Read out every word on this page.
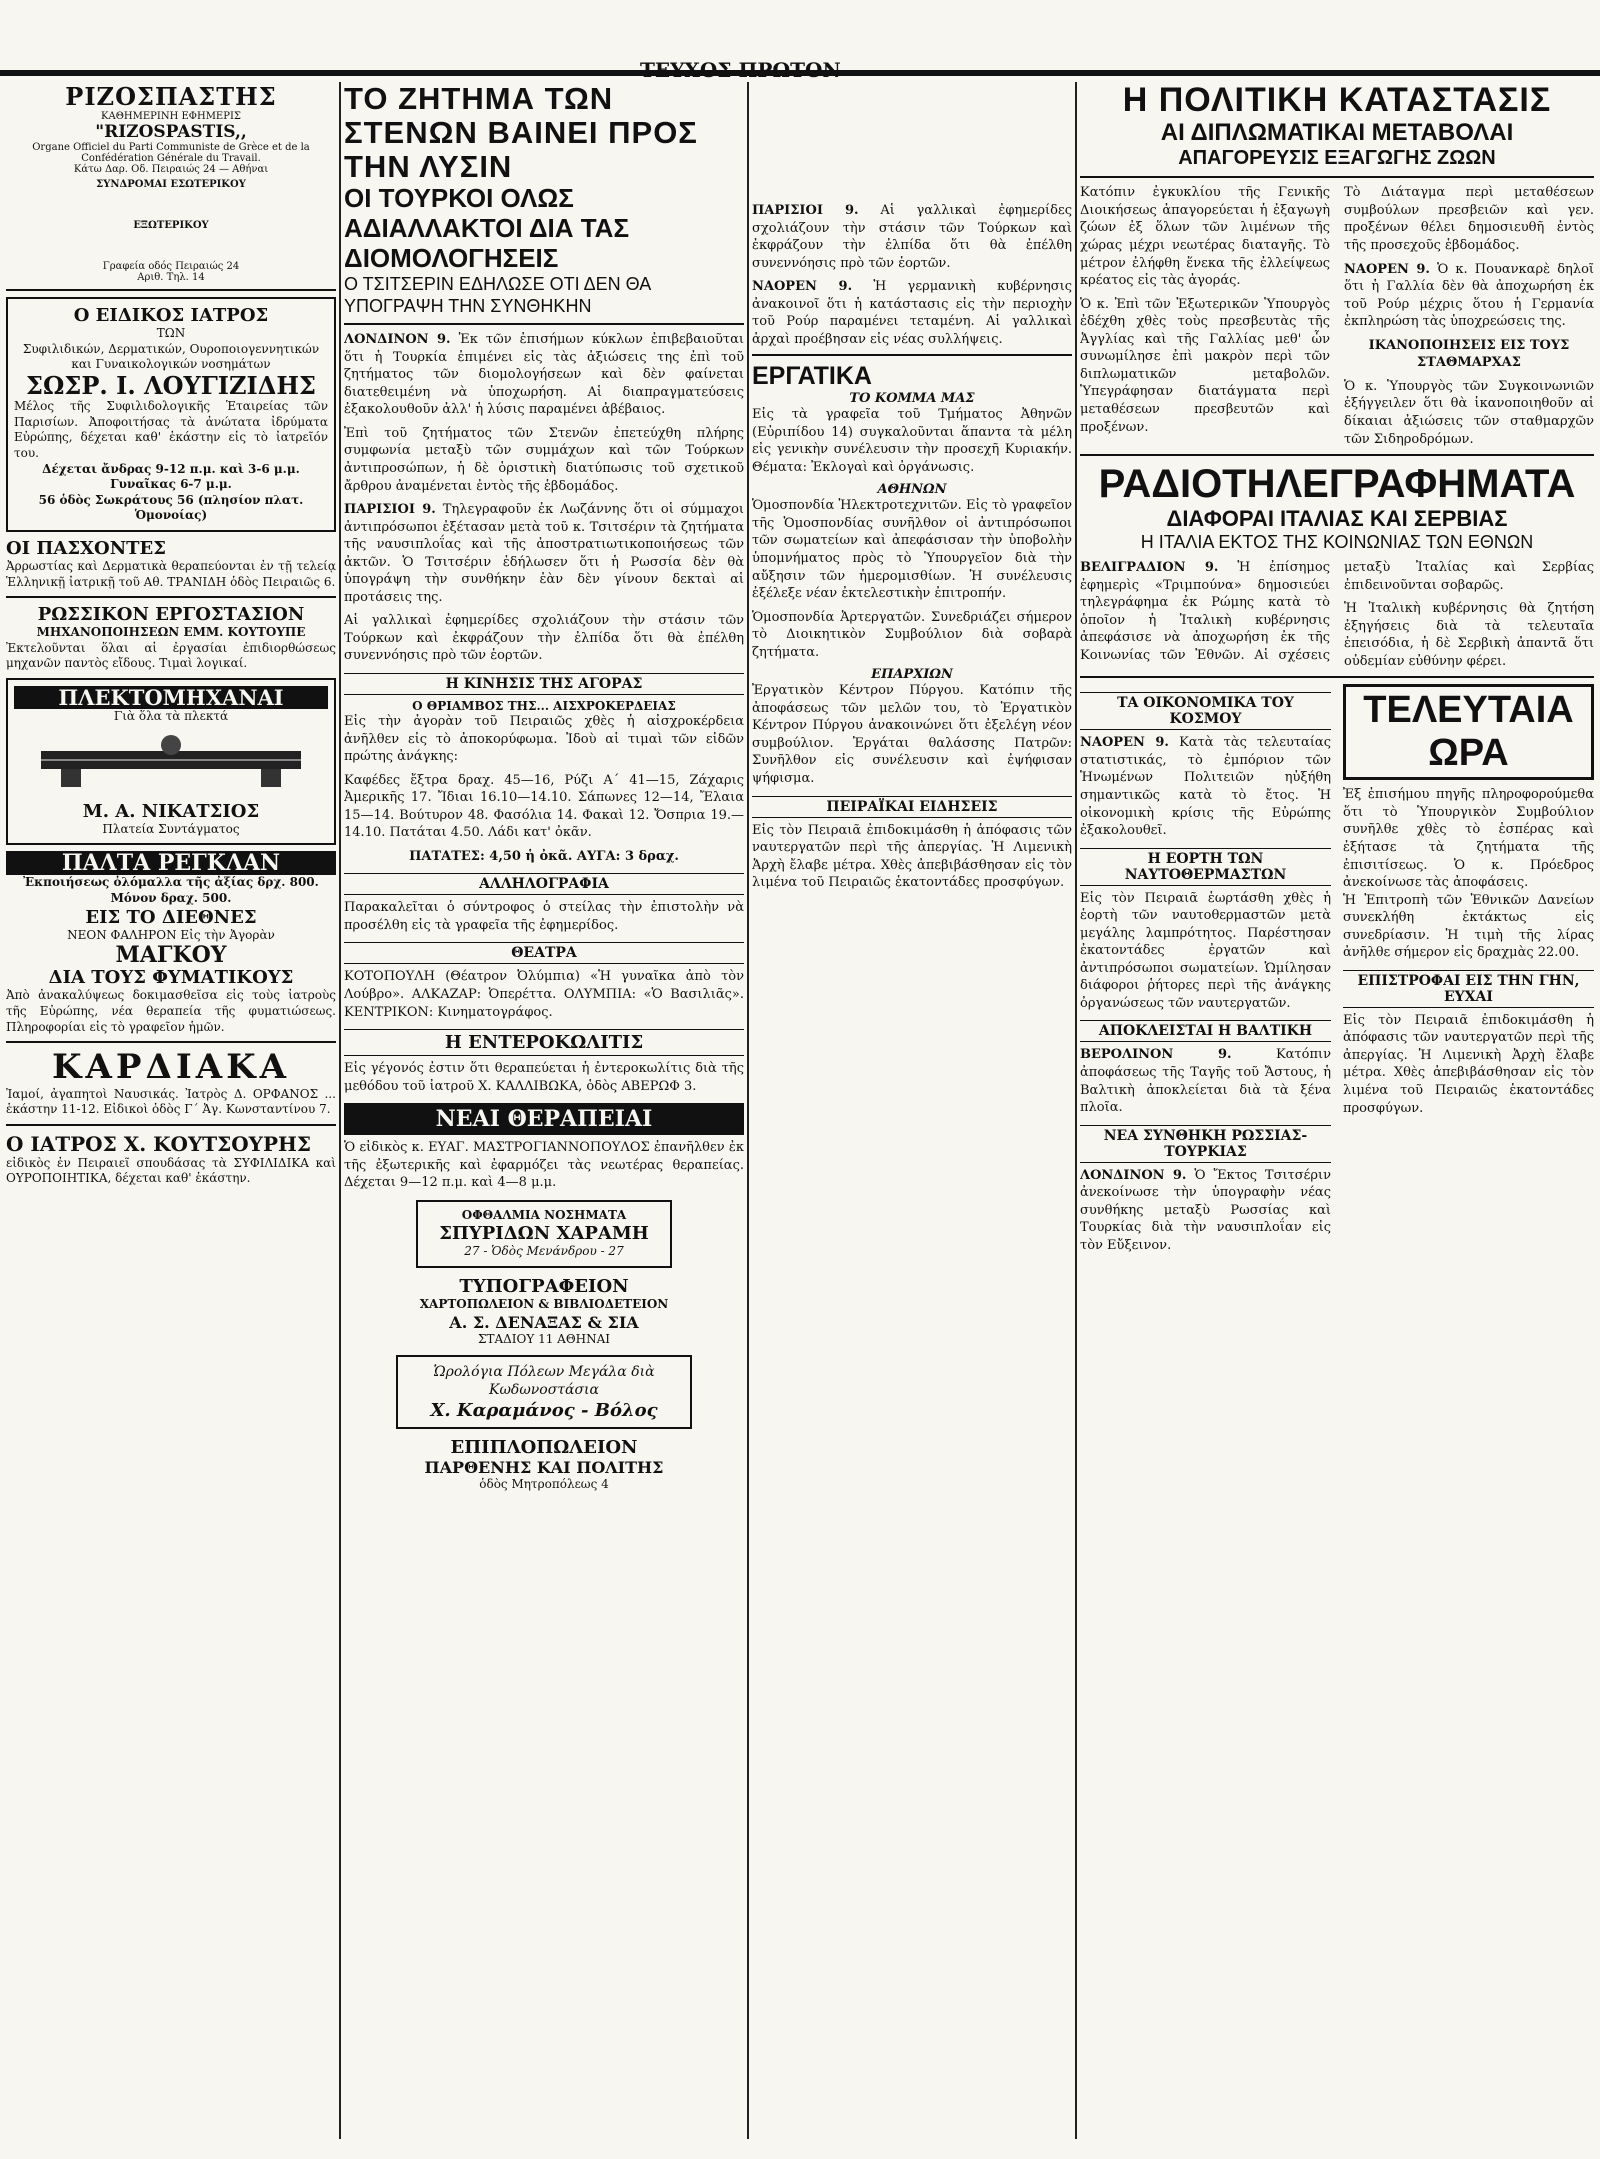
ΡΙΖΟΣΠΑΣΤΗΣ
ΚΑΘΗΜΕΡΙΝΗ ΕΦΗΜΕΡΙΣ
"RIZOSPASTIS,,
Organe Officiel du Parti Communiste de Grèce et de la Confédération Générale du Travail.
Κάτω Δαρ. Οδ. Πειραιώς 24 — Αθήναι
ΣΥΝΔΡΟΜΑΙ ΕΣΩΤΕΡΙΚΟΥ
ΕΞΩΤΕΡΙΚΟΥ
Γραφεία οδός Πειραιώς 24
Αριθ. Τηλ. 14
Ο ΕΙΔΙΚΟΣ ΙΑΤΡΟΣ
ΤΩΝ
Συφιλιδικών, Δερματικών, Ουροποιογεννητικών και Γυναικολογικών νοσημάτων
ΣΩΣΡ. Ι. ΛΟΥΓΙΖΙΔΗΣ
Μέλος τῆς Συφιλιδολογικῆς Ἑταιρείας τῶν Παρισίων. Ἀποφοιτήσας τὰ ἀνώτατα ἰδρύματα Εὐρώπης, δέχεται καθ' ἑκάστην εἰς τὸ ἰατρεῖόν του.
Δέχεται ἄνδρας 9-12 π.μ. καὶ 3-6 μ.μ. Γυναῖκας 6-7 μ.μ.
56 ὁδὸς Σωκράτους 56 (πλησίον πλατ. Ὁμονοίας)
ΟΙ ΠΑΣΧΟΝΤΕΣ
Ἀρρωστίας καὶ Δερματικὰ θεραπεύονται ἐν τῇ τελείᾳ Ἑλληνικῇ ἰατρικῇ τοῦ Αθ. ΤΡΑΝΙΔΗ ὁδὸς Πειραιῶς 6.
ΡΩΣΣΙΚΟΝ ΕΡΓΟΣΤΑΣΙΟΝ
ΜΗΧΑΝΟΠΟΙΗΣΕΩΝ ΕΜΜ. ΚΟΥΤΟΥΠΕ
Ἐκτελοῦνται ὅλαι αἱ ἐργασίαι ἐπιδιορθώσεως μηχανῶν παντὸς εἴδους. Τιμαὶ λογικαί.
ΠΛΕΚΤΟΜΗΧΑΝΑΙ
Γιὰ ὅλα τὰ πλεκτά
Μ. Α. ΝΙΚΑΤΣΙΟΣ
Πλατεία Συντάγματος
ΠΑΛΤΑ ΡΕΓΚΛΑΝ
Ἐκποιήσεως ὁλόμαλλα τῆς ἀξίας δρχ. 800. Μόνον δραχ. 500.
ΕΙΣ ΤΟ ΔΙΕΘΝΕΣ
ΝΕΟΝ ΦΑΛΗΡΟΝ Εἰς τὴν Ἀγορὰν
ΜΑΓΚΟΥ
ΔΙΑ ΤΟΥΣ ΦΥΜΑΤΙΚΟΥΣ
Ἀπὸ ἀνακαλύψεως δοκιμασθεῖσα εἰς τοὺς ἰατροὺς τῆς Εὐρώπης, νέα θεραπεία τῆς φυματιώσεως. Πληροφορίαι εἰς τὸ γραφεῖον ἡμῶν.
ΚΑΡΔΙΑΚΑ
Ἰαμοί, ἀγαπητοὶ Ναυσικάς. Ἰατρὸς Δ. ΟΡΦΑΝΟΣ ... ἑκάστην 11-12. Εἰδικοὶ ὁδὸς Γ΄ Ἀγ. Κωνσταντίνου 7.
Ο ΙΑΤΡΟΣ Χ. ΚΟΥΤΣΟΥΡΗΣ
εἰδικὸς ἐν Πειραιεῖ σπουδάσας τὰ ΣΥΦΙΛΙΔΙΚΑ καὶ ΟΥΡΟΠΟΙΗΤΙΚΑ, δέχεται καθ' ἑκάστην.
ΤΟ ΖΗΤΗΜΑ ΤΩΝ ΣΤΕΝΩΝ ΒΑΙΝΕΙ ΠΡΟΣ ΤΗΝ ΛΥΣΙΝ
ΟΙ ΤΟΥΡΚΟΙ ΟΛΩΣ ΑΔΙΑΛΛΑΚΤΟΙ ΔΙΑ ΤΑΣ ΔΙΟΜΟΛΟΓΗΣΕΙΣ
Ο ΤΣΙΤΣΕΡΙΝ ΕΔΗΛΩΣΕ ΟΤΙ ΔΕΝ ΘΑ ΥΠΟΓΡΑΨΗ ΤΗΝ ΣΥΝΘΗΚΗΝ

ΛΟΝΔΙΝΟΝ 9. Ἐκ τῶν ἐπισήμων κύκλων ἐπιβεβαιοῦται ὅτι ἡ Τουρκία ἐπιμένει εἰς τὰς ἀξιώσεις της ἐπὶ τοῦ ζητήματος τῶν διομολογήσεων καὶ δὲν φαίνεται διατεθειμένη νὰ ὑποχωρήση. Αἱ διαπραγματεύσεις ἐξακολουθοῦν ἀλλ' ἡ λύσις παραμένει ἀβέβαιος.

Ἐπὶ τοῦ ζητήματος τῶν Στενῶν ἐπετεύχθη πλήρης συμφωνία μεταξὺ τῶν συμμάχων καὶ τῶν Τούρκων ἀντιπροσώπων, ἡ δὲ ὁριστικὴ διατύπωσις τοῦ σχετικοῦ ἄρθρου ἀναμένεται ἐντὸς τῆς ἑβδομάδος.

ΠΑΡΙΣΙΟΙ 9. Τηλεγραφοῦν ἐκ Λωζάννης ὅτι οἱ σύμμαχοι ἀντιπρόσωποι ἐξέτασαν μετὰ τοῦ κ. Τσιτσέριν τὰ ζητήματα τῆς ναυσιπλοΐας καὶ τῆς ἀποστρατιωτικοποιήσεως τῶν ἀκτῶν. Ὁ Τσιτσέριν ἐδήλωσεν ὅτι ἡ Ρωσσία δὲν θὰ ὑπογράψη τὴν συνθήκην ἐὰν δὲν γίνουν δεκταὶ αἱ προτάσεις της.

Αἱ γαλλικαὶ ἐφημερίδες σχολιάζουν τὴν στάσιν τῶν Τούρκων καὶ ἐκφράζουν τὴν ἐλπίδα ὅτι θὰ ἐπέλθη συνεννόησις πρὸ τῶν ἑορτῶν.

Η ΚΙΝΗΣΙΣ ΤΗΣ ΑΓΟΡΑΣ
Ο ΘΡΙΑΜΒΟΣ ΤΗΣ... ΑΙΣΧΡΟΚΕΡΔΕΙΑΣ

Εἰς τὴν ἀγορὰν τοῦ Πειραιῶς χθὲς ἡ αἰσχροκέρδεια ἀνῆλθεν εἰς τὸ ἀποκορύφωμα. Ἰδοὺ αἱ τιμαὶ τῶν εἰδῶν πρώτης ἀνάγκης:

Καφέδες ἔξτρα δραχ. 45—16, Ρύζι Α΄ 41—15, Ζάχαρις Ἀμερικῆς 17. Ἴδιαι 16.10—14.10. Σάπωνες 12—14, Ἔλαια 15—14. Βούτυρον 48. Φασόλια 14. Φακαὶ 12. Ὄσπρια 19.—14.10. Πατάται 4.50. Λάδι κατ' ὀκᾶν.

ΠΑΤΑΤΕΣ: 4,50 ἡ ὀκᾶ. ΑΥΓΑ: 3 δραχ.

ΑΛΛΗΛΟΓΡΑΦΙΑ
Παρακαλεῖται ὁ σύντροφος ὁ στείλας τὴν ἐπιστολὴν νὰ προσέλθη εἰς τὰ γραφεῖα τῆς ἐφημερίδος.
ΘΕΑΤΡΑ
ΚΟΤΟΠΟΥΛΗ (Θέατρον Ὀλύμπια) «Ἡ γυναῖκα ἀπὸ τὸν Λούβρο». ΑΛΚΑΖΑΡ: Ὀπερέττα. ΟΛΥΜΠΙΑ: «Ὁ Βασιλιᾶς». ΚΕΝΤΡΙΚΟΝ: Κινηματογράφος.
Η ΕΝΤΕΡΟΚΩΛΙΤΙΣ
Εἰς γέγονός ἐστιν ὅτι θεραπεύεται ἡ ἐντεροκωλίτις διὰ τῆς μεθόδου τοῦ ἰατροῦ Χ. ΚΑΛΛΙΒΩΚΑ, ὁδὸς ΑΒΕΡΩΦ 3.
ΝΕΑΙ ΘΕΡΑΠΕΙΑΙ
Ὁ εἰδικὸς κ. ΕΥΑΓ. ΜΑΣΤΡΟΓΙΑΝΝΟΠΟΥΛΟΣ ἐπανῆλθεν ἐκ τῆς ἐξωτερικῆς καὶ ἐφαρμόζει τὰς νεωτέρας θεραπείας. Δέχεται 9—12 π.μ. καὶ 4—8 μ.μ.
ΟΦΘΑΛΜΙΑ ΝΟΣΗΜΑΤΑ
ΣΠΥΡΙΔΩΝ ΧΑΡΑΜΗ
27 - Ὁδὸς Μενάνδρου - 27
ΤΥΠΟΓΡΑΦΕΙΟΝ
ΧΑΡΤΟΠΩΛΕΙΟΝ & ΒΙΒΛΙΟΔΕΤΕΙΟΝ
Α. Σ. ΔΕΝΑΞΑΣ & ΣΙΑ
ΣΤΑΔΙΟΥ 11 ΑΘΗΝΑΙ
Ὡρολόγια Πόλεων Μεγάλα διὰ Κωδωνοστάσια
Χ. Καραμάνος - Βόλος
ΕΠΙΠΛΟΠΩΛΕΙΟΝ
ΠΑΡΘΕΝΗΣ ΚΑΙ ΠΟΛΙΤΗΣ
ὁδὸς Μητροπόλεως 4

ΠΑΡΙΣΙΟΙ 9. Αἱ γαλλικαὶ ἐφημερίδες σχολιάζουν τὴν στάσιν τῶν Τούρκων καὶ ἐκφράζουν τὴν ἐλπίδα ὅτι θὰ ἐπέλθη συνεννόησις πρὸ τῶν ἑορτῶν.

ΝΑΟΡΕΝ 9. Ἡ γερμανικὴ κυβέρνησις ἀνακοινοῖ ὅτι ἡ κατάστασις εἰς τὴν περιοχὴν τοῦ Ρούρ παραμένει τεταμένη. Αἱ γαλλικαὶ ἀρχαὶ προέβησαν εἰς νέας συλλήψεις.

ΕΡΓΑΤΙΚΑ
ΤΟ ΚΟΜΜΑ ΜΑΣ
Εἰς τὰ γραφεῖα τοῦ Τμήματος Ἀθηνῶν (Εὐριπίδου 14) συγκαλοῦνται ἅπαντα τὰ μέλη εἰς γενικὴν συνέλευσιν τὴν προσεχῆ Κυριακήν. Θέματα: Ἐκλογαὶ καὶ ὀργάνωσις.
ΑΘΗΝΩΝ
Ὁμοσπονδία Ἠλεκτροτεχνιτῶν. Εἰς τὸ γραφεῖον τῆς Ὁμοσπονδίας συνῆλθον οἱ ἀντιπρόσωποι τῶν σωματείων καὶ ἀπεφάσισαν τὴν ὑποβολὴν ὑπομνήματος πρὸς τὸ Ὑπουργεῖον διὰ τὴν αὔξησιν τῶν ἡμερομισθίων. Ἡ συνέλευσις ἐξέλεξε νέαν ἐκτελεστικὴν ἐπιτροπήν.
Ὁμοσπονδία Ἀρτεργατῶν. Συνεδριάζει σήμερον τὸ Διοικητικὸν Συμβούλιον διὰ σοβαρὰ ζητήματα.
ΕΠΑΡΧΙΩΝ
Ἐργατικὸν Κέντρον Πύργου. Κατόπιν τῆς ἀποφάσεως τῶν μελῶν του, τὸ Ἐργατικὸν Κέντρον Πύργου ἀνακοινώνει ὅτι ἐξελέγη νέον συμβούλιον. Ἐργάται θαλάσσης Πατρῶν: Συνῆλθον εἰς συνέλευσιν καὶ ἐψήφισαν ψήφισμα.
ΠΕΙΡΑΪΚΑΙ ΕΙΔΗΣΕΙΣ
Εἰς τὸν Πειραιᾶ ἐπιδοκιμάσθη ἡ ἀπόφασις τῶν ναυτεργατῶν περὶ τῆς ἀπεργίας. Ἡ Λιμενικὴ Ἀρχὴ ἔλαβε μέτρα. Χθὲς ἀπεβιβάσθησαν εἰς τὸν λιμένα τοῦ Πειραιῶς ἑκατοντάδες προσφύγων.
Η ΠΟΛΙΤΙΚΗ ΚΑΤΑΣΤΑΣΙΣ
ΑΙ ΔΙΠΛΩΜΑΤΙΚΑΙ ΜΕΤΑΒΟΛΑΙ
ΑΠΑΓΟΡΕΥΣΙΣ ΕΞΑΓΩΓΗΣ ΖΩΩΝ

Κατόπιν ἐγκυκλίου τῆς Γενικῆς Διοικήσεως ἀπαγορεύεται ἡ ἐξαγωγὴ ζώων ἐξ ὅλων τῶν λιμένων τῆς χώρας μέχρι νεωτέρας διαταγῆς. Τὸ μέτρον ἐλήφθη ἕνεκα τῆς ἐλλείψεως κρέατος εἰς τὰς ἀγοράς.

Ὁ κ. Ἐπὶ τῶν Ἐξωτερικῶν Ὑπουργὸς ἐδέχθη χθὲς τοὺς πρεσβευτὰς τῆς Ἀγγλίας καὶ τῆς Γαλλίας μεθ' ὧν συνωμίλησε ἐπὶ μακρὸν περὶ τῶν διπλωματικῶν μεταβολῶν. Ὑπεγράφησαν διατάγματα περὶ μεταθέσεων πρεσβευτῶν καὶ προξένων.

Τὸ Διάταγμα περὶ μεταθέσεων συμβούλων πρεσβειῶν καὶ γεν. προξένων θέλει δημοσιευθῆ ἐντὸς τῆς προσεχοῦς ἑβδομάδος.

ΝΑΟΡΕΝ 9. Ὁ κ. Πουανκαρὲ δηλοῖ ὅτι ἡ Γαλλία δὲν θὰ ἀποχωρήση ἐκ τοῦ Ρούρ μέχρις ὅτου ἡ Γερμανία ἐκπληρώση τὰς ὑποχρεώσεις της.

ΙΚΑΝΟΠΟΙΗΣΕΙΣ ΕΙΣ ΤΟΥΣ ΣΤΑΘΜΑΡΧΑΣ

Ὁ κ. Ὑπουργὸς τῶν Συγκοινωνιῶν ἐξήγγειλεν ὅτι θὰ ἱκανοποιηθοῦν αἱ δίκαιαι ἀξιώσεις τῶν σταθμαρχῶν τῶν Σιδηροδρόμων.

ΡΑΔΙΟΤΗΛΕΓΡΑΦΗΜΑΤΑ
ΔΙΑΦΟΡΑΙ ΙΤΑΛΙΑΣ ΚΑΙ ΣΕΡΒΙΑΣ
Η ΙΤΑΛΙΑ ΕΚΤΟΣ ΤΗΣ ΚΟΙΝΩΝΙΑΣ ΤΩΝ ΕΘΝΩΝ

ΒΕΛΙΓΡΑΔΙΟΝ 9. Ἡ ἐπίσημος ἐφημερὶς «Τριμπούνα» δημοσιεύει τηλεγράφημα ἐκ Ρώμης κατὰ τὸ ὁποῖον ἡ Ἰταλικὴ κυβέρνησις ἀπεφάσισε νὰ ἀποχωρήση ἐκ τῆς Κοινωνίας τῶν Ἐθνῶν. Αἱ σχέσεις μεταξὺ Ἰταλίας καὶ Σερβίας ἐπιδεινοῦνται σοβαρῶς.

Ἡ Ἰταλικὴ κυβέρνησις θὰ ζητήση ἐξηγήσεις διὰ τὰ τελευταῖα ἐπεισόδια, ἡ δὲ Σερβικὴ ἀπαντᾶ ὅτι οὐδεμίαν εὐθύνην φέρει.

ΤΑ ΟΙΚΟΝΟΜΙΚΑ ΤΟΥ ΚΟΣΜΟΥ
ΝΑΟΡΕΝ 9. Κατὰ τὰς τελευταίας στατιστικάς, τὸ ἐμπόριον τῶν Ἡνωμένων Πολιτειῶν ηὐξήθη σημαντικῶς κατὰ τὸ ἔτος. Ἡ οἰκονομικὴ κρίσις τῆς Εὐρώπης ἐξακολουθεῖ.
Η ΕΟΡΤΗ ΤΩΝ ΝΑΥΤΟΘΕΡΜΑΣΤΩΝ
Εἰς τὸν Πειραιᾶ ἑωρτάσθη χθὲς ἡ ἑορτὴ τῶν ναυτοθερμαστῶν μετὰ μεγάλης λαμπρότητος. Παρέστησαν ἐκατοντάδες ἐργατῶν καὶ ἀντιπρόσωποι σωματείων. Ὡμίλησαν διάφοροι ῥήτορες περὶ τῆς ἀνάγκης ὀργανώσεως τῶν ναυτεργατῶν.
ΑΠΟΚΛΕΙΣΤΑΙ Η ΒΑΛΤΙΚΗ
ΒΕΡΟΛΙΝΟΝ 9.	Κατόπιν ἀποφάσεως τῆς Ταγῆς τοῦ Ἄστους, ἡ Βαλτικὴ ἀποκλείεται διὰ τὰ ξένα πλοῖα.
ΝΕΑ ΣΥΝΘΗΚΗ ΡΩΣΣΙΑΣ-ΤΟΥΡΚΙΑΣ
ΛΟΝΔΙΝΟΝ 9. Ὁ Ἔκτος Τσιτσέριν ἀνεκοίνωσε τὴν ὑπογραφὴν νέας συνθήκης μεταξὺ Ρωσσίας καὶ Τουρκίας διὰ τὴν ναυσιπλοΐαν εἰς τὸν Εὔξεινον.
ΤΕΛΕΥΤΑΙΑ ΩΡΑ
Ἐξ ἐπισήμου πηγῆς πληροφορούμεθα ὅτι τὸ Ὑπουργικὸν Συμβούλιον συνῆλθε χθὲς τὸ ἑσπέρας καὶ ἐξήτασε τὰ ζητήματα τῆς ἐπισιτίσεως. Ὁ κ. Πρόεδρος ἀνεκοίνωσε τὰς ἀποφάσεις.
Ἡ Ἐπιτροπὴ τῶν Ἐθνικῶν Δανείων συνεκλήθη ἐκτάκτως εἰς συνεδρίασιν. Ἡ τιμὴ τῆς λίρας ἀνῆλθε σήμερον εἰς δραχμὰς 22.00.
ΕΠΙΣΤΡΟΦΑΙ ΕΙΣ ΤΗΝ ΓΗΝ, ΕΥΧΑΙ
Εἰς τὸν Πειραιᾶ ἐπιδοκιμάσθη ἡ ἀπόφασις τῶν ναυτεργατῶν περὶ τῆς ἀπεργίας. Ἡ Λιμενικὴ Ἀρχὴ ἔλαβε μέτρα. Χθὲς ἀπεβιβάσθησαν εἰς τὸν λιμένα τοῦ Πειραιῶς ἑκατοντάδες προσφύγων.
